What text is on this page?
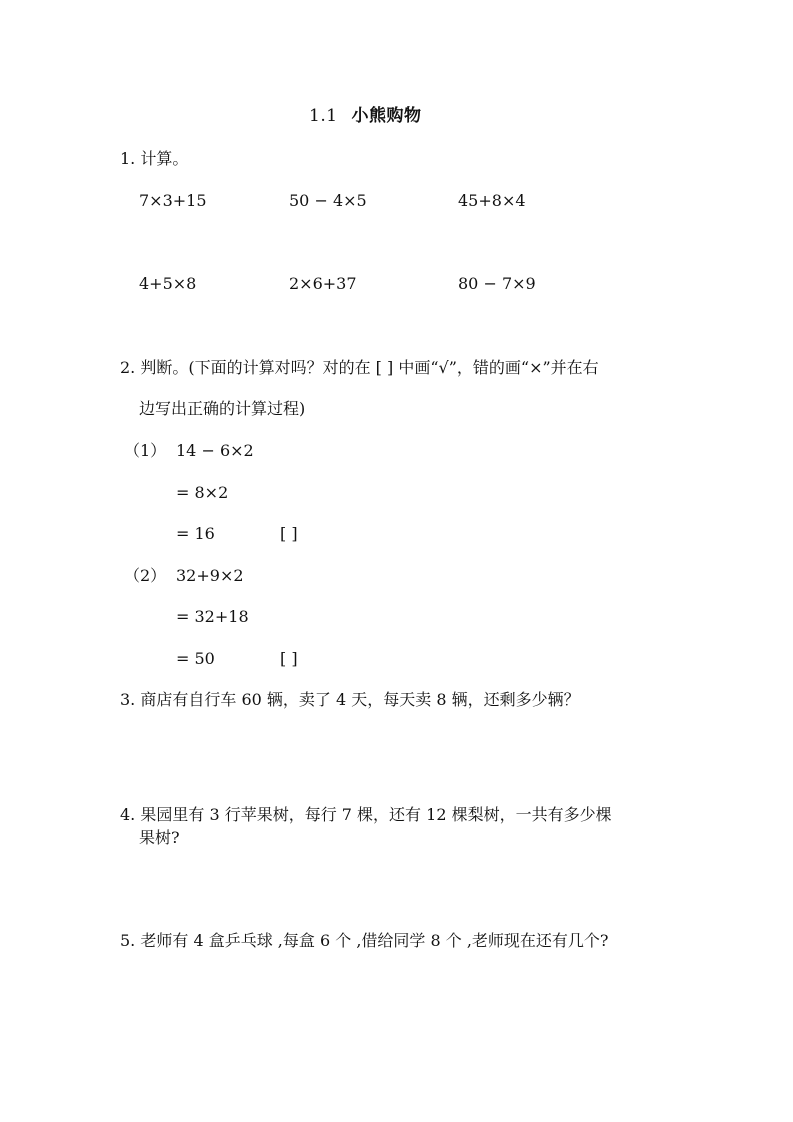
1.1 小熊购物
1. 计算。
7×3+15	50 − 4×5	45+8×4
4+5×8	2×6+37	80 − 7×9
2. 判断。(下面的计算对吗？对的在 [ ] 中画“√”，错的画“×”并在右
边写出正确的计算过程)
（1） 14 − 6×2
= 8×2
= 16	[ ]
（2） 32+9×2
= 32+18
= 50	[ ]
3. 商店有自行车 60 辆，卖了 4 天，每天卖 8 辆，还剩多少辆？
4. 果园里有 3 行苹果树，每行 7 棵，还有 12 棵梨树，一共有多少棵
果树?
5. 老师有 4 盒乒乓球 ,每盒 6 个 ,借给同学 8 个 ,老师现在还有几个?
